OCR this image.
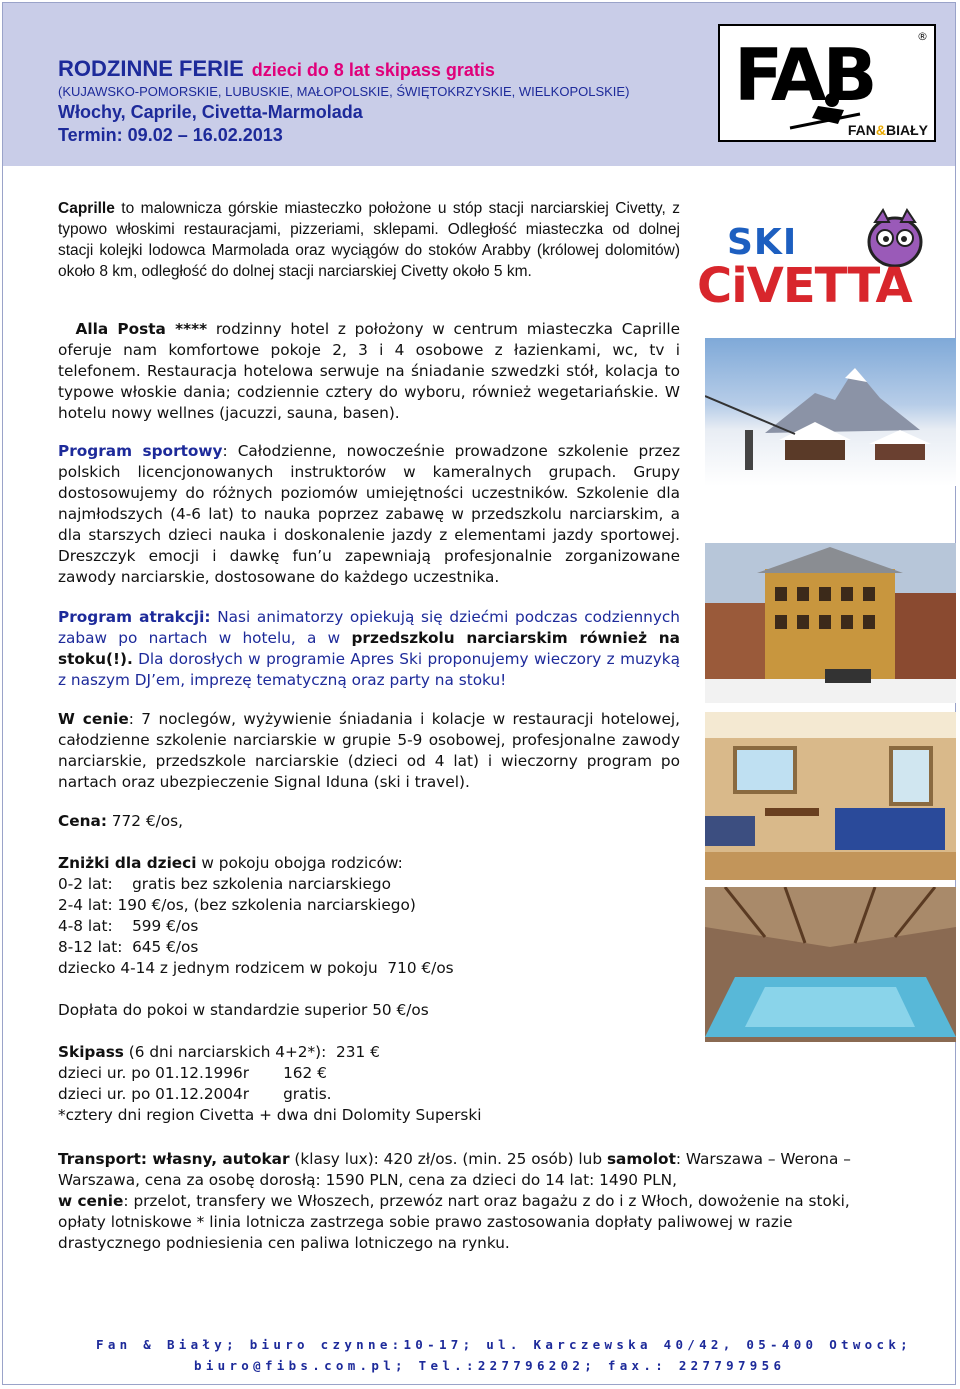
RODZINNE FERIE dzieci do 8 lat skipass gratis
(KUJAWSKO-POMORSKIE, LUBUSKIE, MAŁOPOLSKIE, ŚWIĘTOKRZYSKIE, WIELKOPOLSKIE)
Włochy, Caprile, Civetta-Marmolada
Termin: 09.02 – 16.02.2013
FAB	®
FAN&BIAŁY
SKI
CiVETTA

Caprille to malownicza górskie miasteczko położone u stóp stacji narciarskiej Civetty, z typowo włoskimi restauracjami, pizzeriami, sklepami. Odległość miasteczka od dolnej stacji kolejki lodowca Marmolada oraz wyciągów do stoków Arabby (królowej dolomitów) około 8 km, odległość do dolnej stacji narciarskiej Civetty około 5 km.

Alla Posta **** rodzinny hotel z położony w centrum miasteczka Caprille oferuje nam komfortowe pokoje 2, 3 i 4 osobowe z łazienkami, wc, tv i telefonem. Restauracja hotelowa serwuje na śniadanie szwedzki stół, kolacja to typowe włoskie dania; codziennie cztery do wyboru, również wegetariańskie. W hotelu nowy wellnes (jacuzzi, sauna, basen).

Program sportowy: Całodzienne, nowocześnie prowadzone szkolenie przez polskich licencjonowanych instruktorów w kameralnych grupach. Grupy dostosowujemy do różnych poziomów umiejętności uczestników. Szkolenie dla najmłodszych (4-6 lat) to nauka poprzez zabawę w przedszkolu narciarskim, a dla starszych dzieci nauka i doskonalenie jazdy z elementami jazdy sportowej. Dreszczyk emocji i dawkę fun’u zapewniają profesjonalnie zorganizowane zawody narciarskie, dostosowane do każdego uczestnika.

Program atrakcji: Nasi animatorzy opiekują się dziećmi podczas codziennych zabaw po nartach w hotelu, a w przedszkolu narciarskim również na stoku(!). Dla dorosłych w programie Apres Ski proponujemy wieczory z muzyką z naszym DJ’em, imprezę tematyczną oraz party na stoku!

W cenie: 7 noclegów, wyżywienie śniadania i kolacje w restauracji hotelowej, całodzienne szkolenie narciarskie w grupie 5-9 osobowej, profesjonalne zawody narciarskie, przedszkole narciarskie (dzieci od 4 lat) i wieczorny program po nartach oraz ubezpieczenie Signal Iduna (ski i travel).

Cena: 772 €/os,

Zniżki dla dzieci w pokoju obojga rodziców:

0-2 lat:    gratis bez szkolenia narciarskiego

2-4 lat: 190 €/os, (bez szkolenia narciarskiego)

4-8 lat:    599 €/os

8-12 lat:  645 €/os

dziecko 4-14 z jednym rodzicem w pokoju  710 €/os

Dopłata do pokoi w standardzie superior 50 €/os

Skipass (6 dni narciarskich 4+2*):  231 €

dzieci ur. po 01.12.1996r       162 €

dzieci ur. po 01.12.2004r       gratis.

*cztery dni region Civetta + dwa dni Dolomity Superski

Transport: własny, autokar (klasy lux): 420 zł/os. (min. 25 osób) lub samolot: Warszawa – Werona – Warszawa, cena za osobę dorosłą: 1590 PLN, cena za dzieci do 14 lat: 1490 PLN,

w cenie: przelot, transfery we Włoszech, przewóz nart oraz bagażu z do i z Włoch, dowożenie na stoki, opłaty lotniskowe * linia lotnicza zastrzega sobie prawo zastosowania dopłaty paliwowej w razie drastycznego podniesienia cen paliwa lotniczego na rynku.

Fan & Biały; biuro czynne:10-17; ul. Karczewska 40/42, 05-400 Otwock;
biuro@fibs.com.pl; Tel.:227796202; fax.: 227797956
